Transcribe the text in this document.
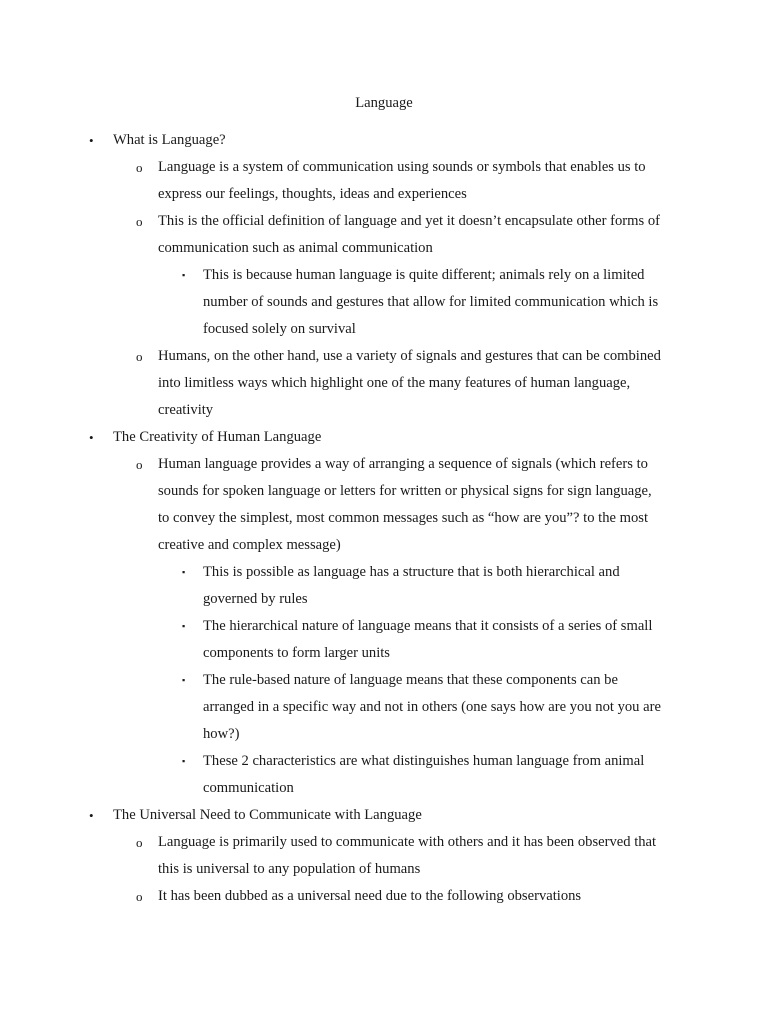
Language
• What is Language?
o Language is a system of communication using sounds or symbols that enables us to
express our feelings, thoughts, ideas and experiences
o This is the official definition of language and yet it doesn’t encapsulate other forms of
communication such as animal communication
▪ This is because human language is quite different; animals rely on a limited
number of sounds and gestures that allow for limited communication which is
focused solely on survival
o Humans, on the other hand, use a variety of signals and gestures that can be combined
into limitless ways which highlight one of the many features of human language,
creativity
• The Creativity of Human Language
o Human language provides a way of arranging a sequence of signals (which refers to
sounds for spoken language or letters for written or physical signs for sign language,
to convey the simplest, most common messages such as “how are you”? to the most
creative and complex message)
▪ This is possible as language has a structure that is both hierarchical and
governed by rules
▪ The hierarchical nature of language means that it consists of a series of small
components to form larger units
▪ The rule-based nature of language means that these components can be
arranged in a specific way and not in others (one says how are you not you are
how?)
▪ These 2 characteristics are what distinguishes human language from animal
communication
• The Universal Need to Communicate with Language
o Language is primarily used to communicate with others and it has been observed that
this is universal to any population of humans
o It has been dubbed as a universal need due to the following observations
